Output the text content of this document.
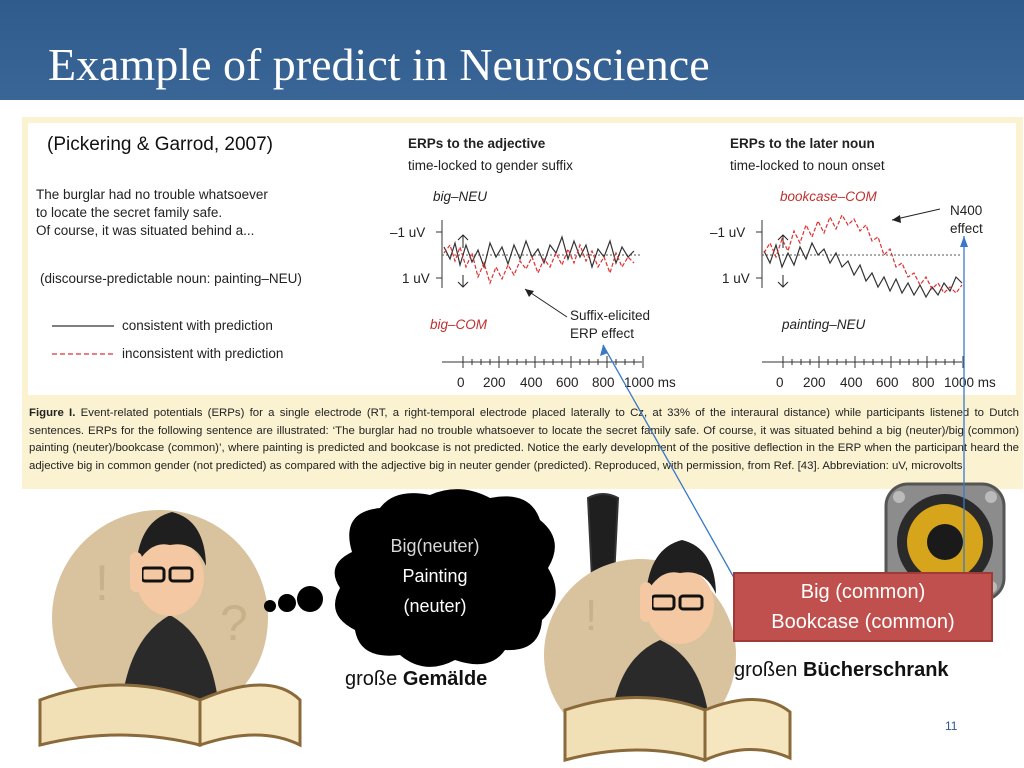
Example of predict in Neuroscience
(Pickering & Garrod, 2007)
The burglar had no trouble whatsoever
to locate the secret family safe.
Of course, it was situated behind a...
(discourse-predictable noun: painting–NEU)
consistent with prediction
inconsistent with prediction
ERPs to the adjective
time-locked to gender suffix
big–NEU
big–COM
Suffix-elicited
ERP effect
–1 uV
1 uV
0 200 400 600 800 1000 ms
ERPs to the later noun
time-locked to noun onset
bookcase–COM
painting–NEU
N400
effect
–1 uV
1 uV
0 200 400 600 800 1000 ms
Figure I. Event-related potentials (ERPs) for a single electrode (RT, a right-temporal electrode placed laterally to Cz, at 33% of the interaural distance) while participants listened to Dutch sentences. ERPs for the following sentence are illustrated: ‘The burglar had no trouble whatsoever to locate the secret family safe. Of course, it was situated behind a big (neuter)/big (common) painting (neuter)/bookcase (common)’, where painting is predicted and bookcase is not predicted. Notice the early development of the positive deflection in the ERP when the participant heard the adjective big in common gender (not predicted) as compared with the adjective big in neuter gender (predicted). Reproduced, with permission, from Ref. [43]. Abbreviation: uV, microvolts.
!
?	!
Big(neuter)
Painting
(neuter)
große Gemälde	großen Bücherschrank
Big (common)
Bookcase (common)
11
